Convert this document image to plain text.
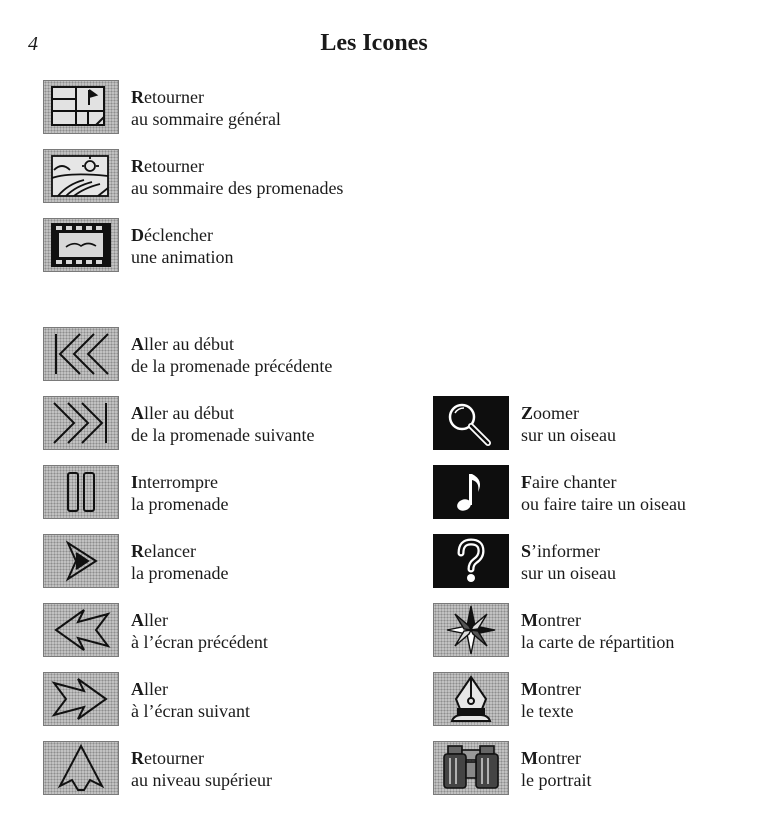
4	Les Icones
Retourner
au sommaire général
Retourner
au sommaire des promenades
Déclencher
une animation
Aller au début
de la promenade précédente
Aller au début
de la promenade suivante
Interrompre
la promenade
Relancer
la promenade
Aller
à l’écran précédent
Aller
à l’écran suivant
Retourner
au niveau supérieur
Zoomer
sur un oiseau
Faire chanter
ou faire taire un oiseau
S’informer
sur un oiseau
Montrer
la carte de répartition
Montrer
le texte
Montrer
le portrait
